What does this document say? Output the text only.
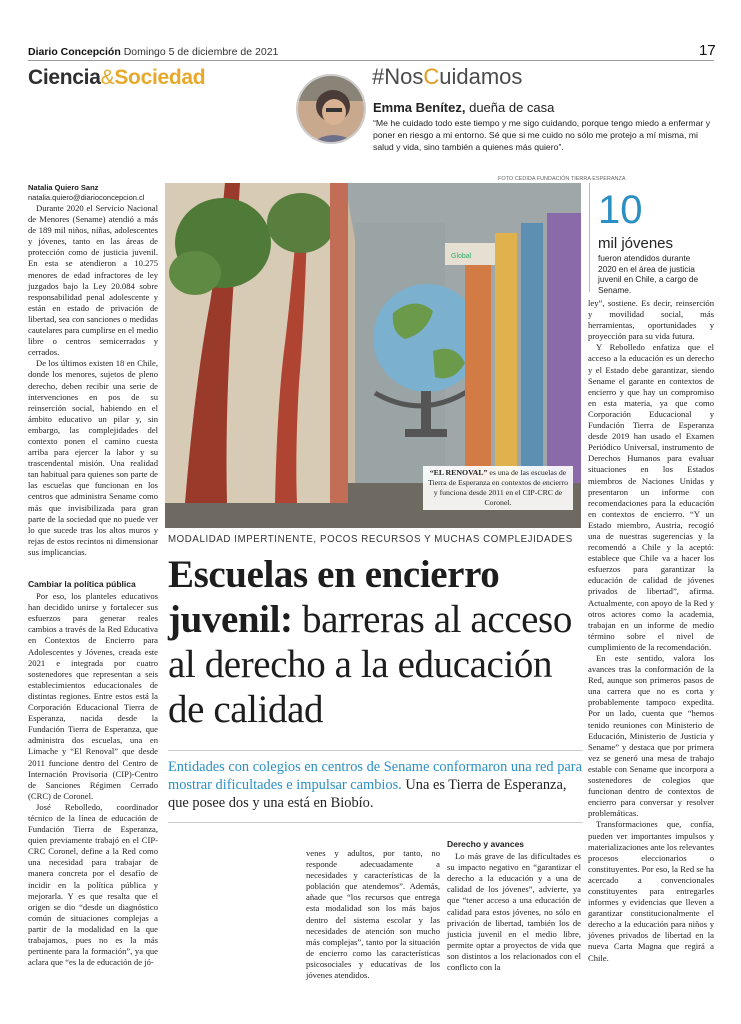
Diario Concepción Domingo 5 de diciembre de 2021	17
Ciencia&Sociedad	#NosCuidamos
Emma Benítez, dueña de casa
“Me he cuidado todo este tiempo y me sigo cuidando, porque tengo miedo a enfermar y poner en riesgo a mi entorno. Sé que si me cuido no sólo me protejo a mí misma, mi salud y vida, sino también a quienes más quiero”.
Natalia Quiero Sanz
natalia.quiero@diarioconcepcion.cl

Durante 2020 el Servicio Nacional de Menores (Sename) atendió a más de 189 mil niños, niñas, adolescentes y jóvenes, tanto en las áreas de protección como de justicia juvenil. En esta se atendieron a 10.275 menores de edad infractores de ley juzgados bajo la Ley 20.084 sobre responsabilidad penal adolescente y están en estado de privación de libertad, sea con sanciones o medidas cautelares para cumplirse en el medio libre o centros semicerrados y cerrados.

De los últimos existen 18 en Chile, donde los menores, sujetos de pleno derecho, deben recibir una serie de intervenciones en pos de su reinserción social, habiendo en el ámbito educativo un pilar y, sin embargo, las complejidades del contexto ponen el camino cuesta arriba para ejercer la labor y su trascendental misión. Una realidad tan habitual para quienes son parte de las escuelas que funcionan en los centros que administra Sename como más que invisibilizada para gran parte de la sociedad que no puede ver lo que sucede tras los altos muros y rejas de estos recintos ni dimensionar sus implicancias.

Cambiar la política pública

Por eso, los planteles educativos han decidido unirse y fortalecer sus esfuerzos para generar reales cambios a través de la Red Educativa en Contextos de Encierro para Adolescentes y Jóvenes, creada este 2021 e integrada por cuatro sostenedores que representan a seis establecimientos educacionales de distintas regiones. Entre estos está la Corporación Educacional Tierra de Esperanza, nacida desde la Fundación Tierra de Esperanza, que administra dos escuelas, una en Limache y “El Renoval” que desde 2011 funcione dentro del Centro de Internación Provisoria (CIP)-Centro de Sanciones Régimen Cerrado (CRC) de Coronel.

José Rebolledo, coordinador técnico de la línea de educación de Fundación Tierra de Esperanza, quien previamente trabajó en el CIP-CRC Coronel, define a la Red como una necesidad para trabajar de manera concreta por el desafío de incidir en la política pública y mejorarla. Y es que resalta que el origen se dio “desde un diagnóstico común de situaciones complejas a partir de la modalidad en la que trabajamos, pues no es la más pertinente para la formación”, ya que aclara que “es la de educación de jó-

FOTO CEDIDA FUNDACIÓN TIERRA ESPERANZA
Global
“EL RENOVAL” es una de las escuelas de Tierra de Esperanza en contextos de encierro y funciona desde 2011 en el CIP-CRC de Coronel.
10
mil jóvenes
fueron atendidos durante 2020 en el área de justicia juvenil en Chile, a cargo de Sename.

ley”, sostiene. Es decir, reinserción y movilidad social, más herramientas, oportunidades y proyección para su vida futura.

Y Rebolledo enfatiza que el acceso a la educación es un derecho y el Estado debe garantizar, siendo Sename el garante en contextos de encierro y que hay un compromiso en esta materia, ya que como Corporación Educacional y Fundación Tierra de Esperanza desde 2019 han usado el Examen Periódico Universal, instrumento de Derechos Humanos para evaluar situaciones en los Estados miembros de Naciones Unidas y presentaron un informe con recomendaciones para la educación en contextos de encierro. “Y un Estado miembro, Austria, recogió una de nuestras sugerencias y la recomendó a Chile y la aceptó: establece que Chile va a hacer los esfuerzos para garantizar la educación de calidad de jóvenes privados de libertad”, afirma. Actualmente, con apoyo de la Red y otros actores como la academia, trabajan en un informe de medio término sobre el nivel de cumplimiento de la recomendación.

En este sentido, valora los avances tras la conformación de la Red, aunque son primeros pasos de una carrera que no es corta y probablemente tampoco expedita. Por un lado, cuenta que “hemos tenido reuniones con Ministerio de Educación, Ministerio de Justicia y Sename” y destaca que por primera vez se generó una mesa de trabajo estable con Sename que incorpora a sostenedores de colegios que funcionan dentro de contextos de encierro para conversar y resolver problemáticas.

Transformaciones que, confía, pueden ver importantes impulsos y materializaciones ante los relevantes procesos eleccionarios o constituyentes. Por eso, la Red se ha acercado a convencionales constituyentes para entregarles informes y evidencias que lleven a garantizar constitucionalmente el derecho a la educación para niños y jóvenes privados de libertad en la nueva Carta Magna que regirá a Chile.

MODALIDAD IMPERTINENTE, POCOS RECURSOS Y MUCHAS COMPLEJIDADES
Escuelas en encierro juvenil: barreras al acceso al derecho a la educación de calidad
Entidades con colegios en centros de Sename conformaron una red para mostrar dificultades e impulsar cambios. Una es Tierra de Esperanza, que posee dos y una está en Biobío.

venes y adultos, por tanto, no responde adecuadamente a necesidades y características de la población que atendemos”. Además, añade que “los recursos que entrega esta modalidad son los más bajos dentro del sistema escolar y las necesidades de atención son mucho más complejas”, tanto por la situación de encierro como las características psicosociales y educativas de los jóvenes atendidos.

Derecho y avances

Lo más grave de las dificultades es su impacto negativo en “garantizar el derecho a la educación y a una de calidad de los jóvenes”, advierte, ya que “tener acceso a una educación de calidad para estos jóvenes, no sólo en privación de libertad, también los de justicia juvenil en el medio libre, permite optar a proyectos de vida que son distintos a los relacionados con el conflicto con la
